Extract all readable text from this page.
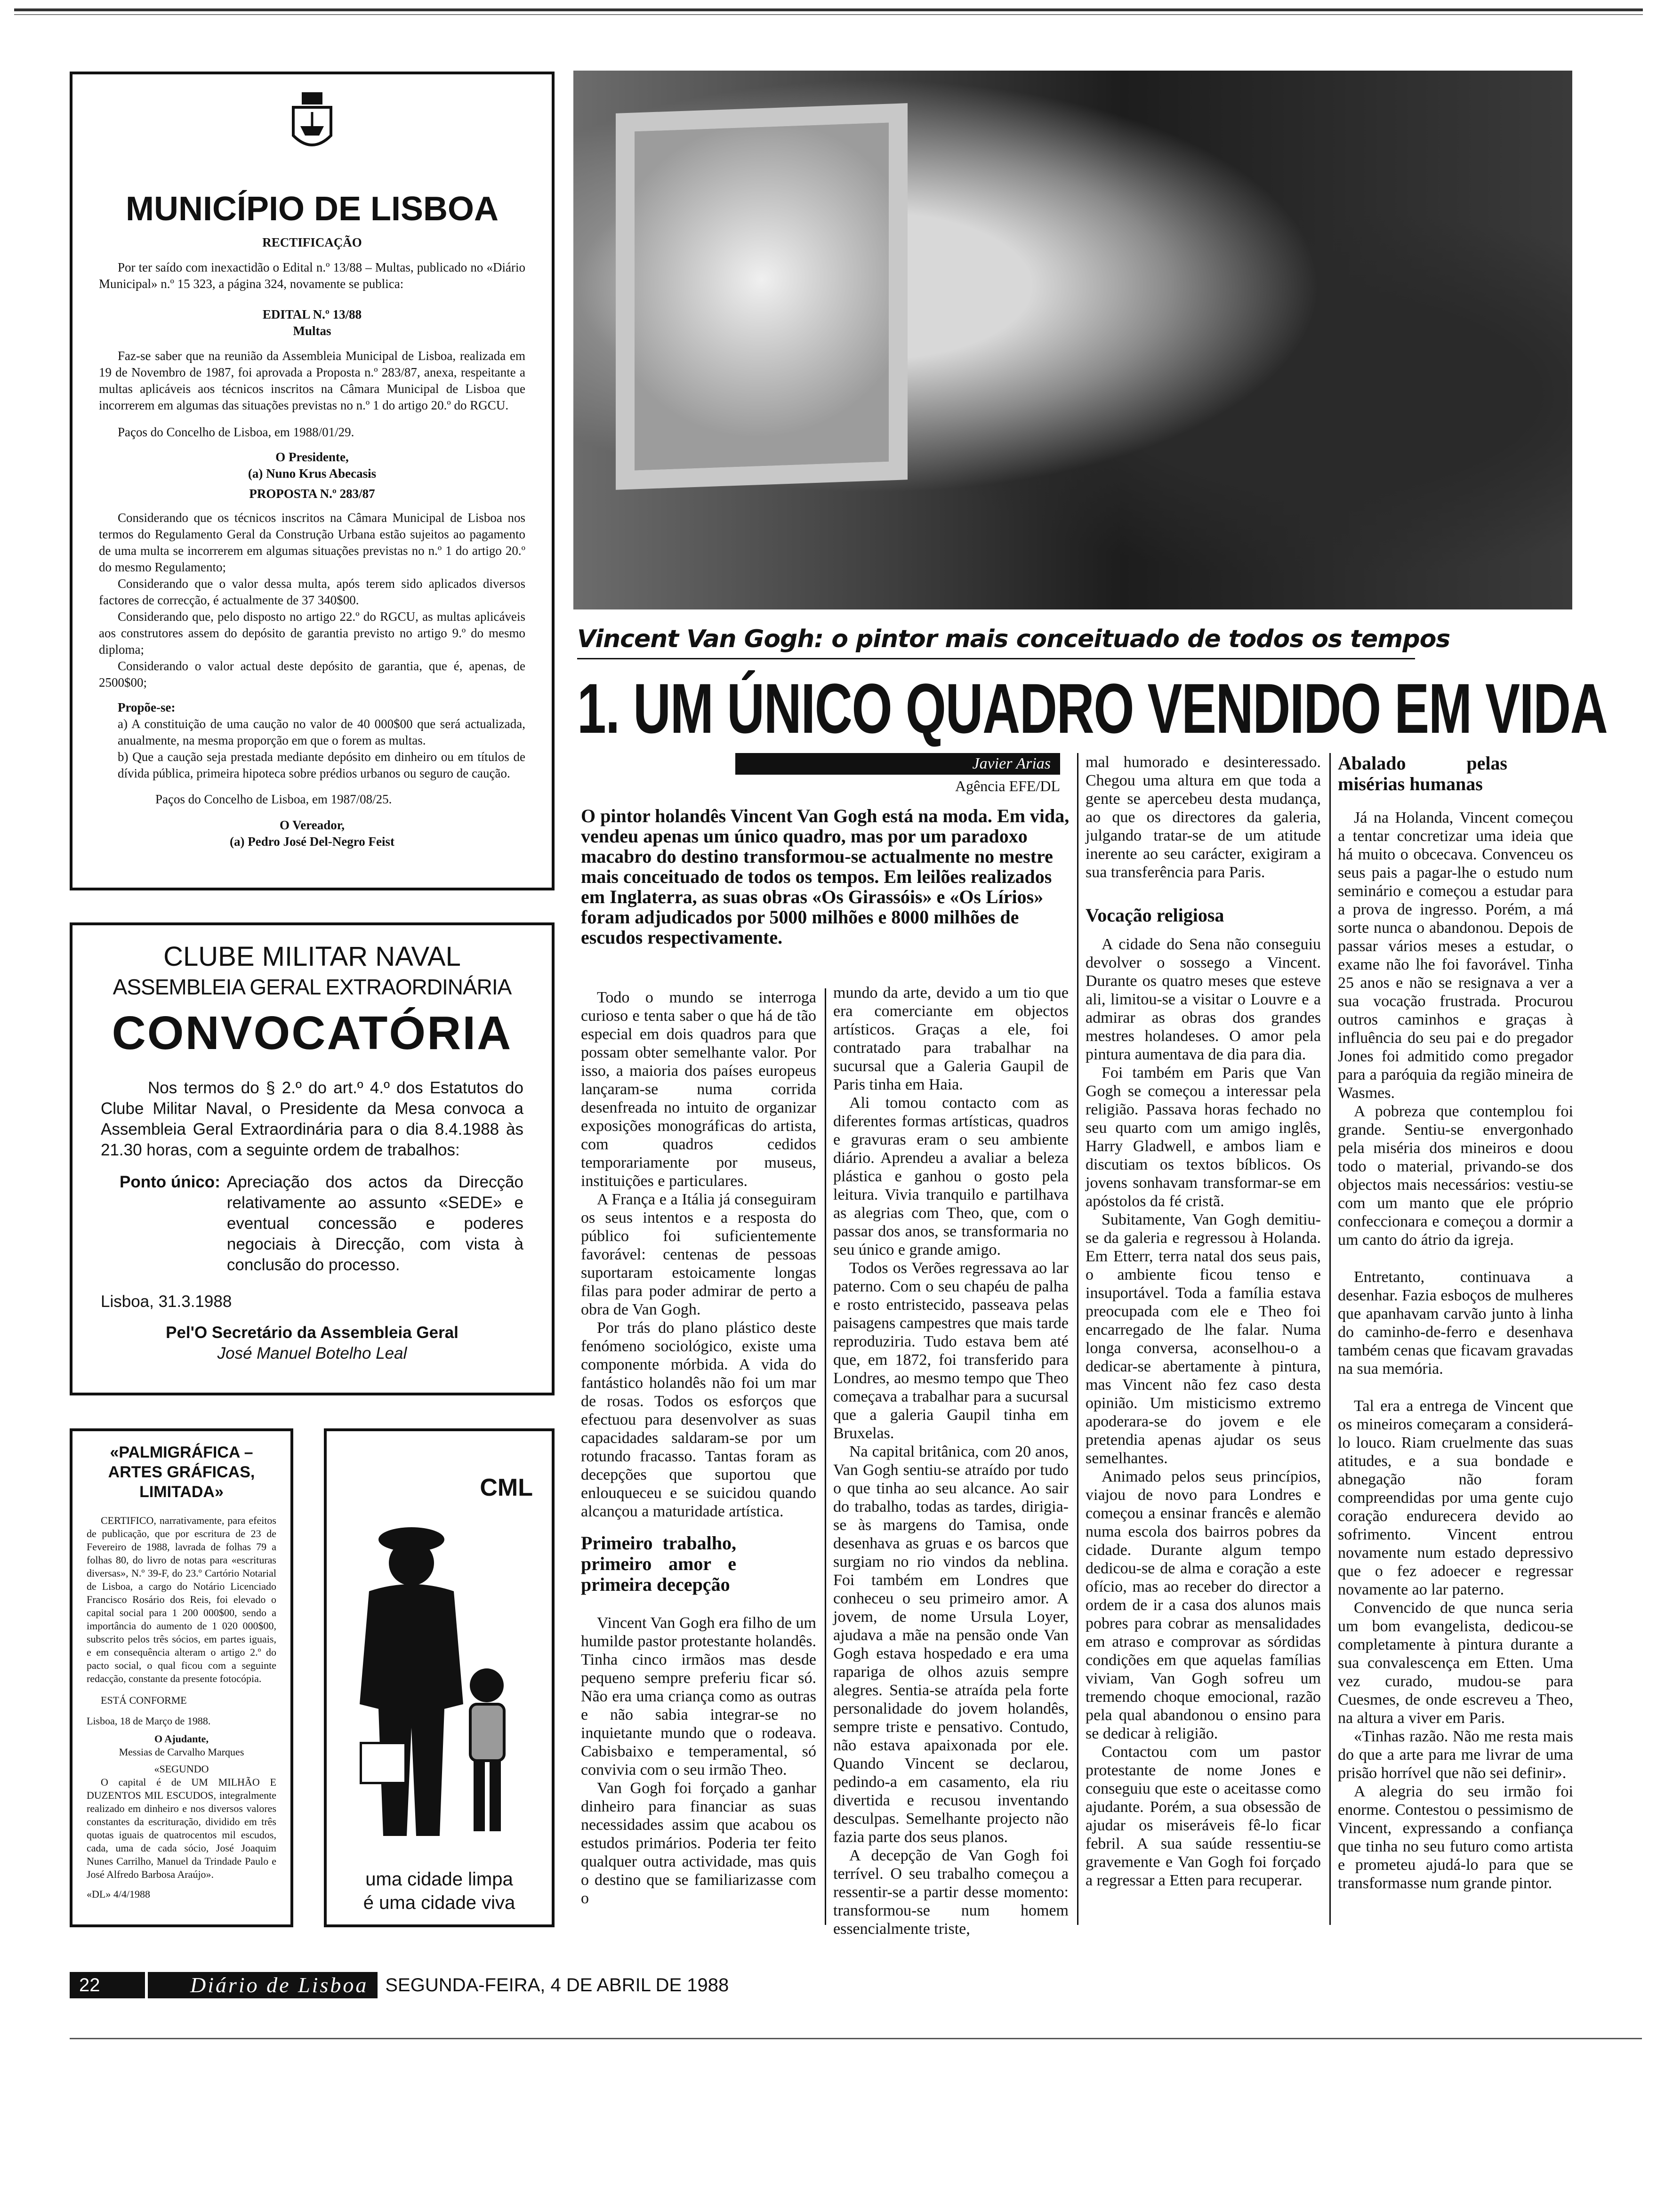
MUNICÍPIO DE LISBOA
RECTIFICAÇÃO

Por ter saído com inexactidão o Edital n.º 13/88 – Multas, publicado no «Diário Municipal» n.º 15 323, a página 324, novamente se publica:

EDITAL N.º 13/88
Multas

Faz-se saber que na reunião da Assembleia Municipal de Lisboa, realizada em 19 de Novembro de 1987, foi aprovada a Proposta n.º 283/87, anexa, respeitante a multas aplicáveis aos técnicos inscritos na Câmara Municipal de Lisboa que incorrerem em algumas das situações previstas no n.º 1 do artigo 20.º do RGCU.

Paços do Concelho de Lisboa, em 1988/01/29.

O Presidente,
(a) Nuno Krus Abecasis
PROPOSTA N.º 283/87

Considerando que os técnicos inscritos na Câmara Municipal de Lisboa nos termos do Regulamento Geral da Construção Urbana estão sujeitos ao pagamento de uma multa se incorrerem em algumas situações previstas no n.º 1 do artigo 20.º do mesmo Regulamento;

Considerando que o valor dessa multa, após terem sido aplicados diversos factores de correcção, é actualmente de 37 340$00.

Considerando que, pelo disposto no artigo 22.º do RGCU, as multas aplicáveis aos construtores assem do depósito de garantia previsto no artigo 9.º do mesmo diploma;

Considerando o valor actual deste depósito de garantia, que é, apenas, de 2500$00;

Propõe-se:

a) A constituição de uma caução no valor de 40 000$00 que será actualizada, anualmente, na mesma proporção em que o forem as multas.

b) Que a caução seja prestada mediante depósito em dinheiro ou em títulos de dívida pública, primeira hipoteca sobre prédios urbanos ou seguro de caução.

Paços do Concelho de Lisboa, em 1987/08/25.

O Vereador,
(a) Pedro José Del-Negro Feist
CLUBE MILITAR NAVAL
ASSEMBLEIA GERAL EXTRAORDINÁRIA
CONVOCATÓRIA

Nos termos do § 2.º do art.º 4.º dos Estatutos do Clube Militar Naval, o Presidente da Mesa convoca a Assembleia Geral Extraordinária para o dia 8.4.1988 às 21.30 horas, com a seguinte ordem de trabalhos:

Ponto único: Apreciação dos actos da Direcção relativamente ao assunto «SEDE» e eventual concessão e poderes negociais à Direcção, com vista à conclusão do processo.
Lisboa, 31.3.1988
Pel'O Secretário da Assembleia Geral
José Manuel Botelho Leal
«PALMIGRÁFICA – ARTES GRÁFICAS, LIMITADA»

CERTIFICO, narrativamente, para efeitos de publicação, que por escritura de 23 de Fevereiro de 1988, lavrada de folhas 79 a folhas 80, do livro de notas para «escrituras diversas», N.º 39-F, do 23.º Cartório Notarial de Lisboa, a cargo do Notário Licenciado Francisco Rosário dos Reis, foi elevado o capital social para 1 200 000$00, sendo a importância do aumento de 1 020 000$00, subscrito pelos três sócios, em partes iguais, e em consequência alteram o artigo 2.º do pacto social, o qual ficou com a seguinte redacção, constante da presente fotocópia.

ESTÁ CONFORME
Lisboa, 18 de Março de 1988.
O Ajudante,
Messias de Carvalho Marques
«SEGUNDO

O capital é de UM MILHÃO E DUZENTOS MIL ESCUDOS, integralmente realizado em dinheiro e nos diversos valores constantes da escrituração, dividido em três quotas iguais de quatrocentos mil escudos, cada, uma de cada sócio, José Joaquim Nunes Carrilho, Manuel da Trindade Paulo e José Alfredo Barbosa Araújo».

«DL» 4/4/1988
CML
uma cidade limpa
é uma cidade viva
Vincent Van Gogh: o pintor mais conceituado de todos os tempos
1. UM ÚNICO QUADRO VENDIDO EM VIDA
Javier Arias
Agência EFE/DL

O pintor holandês Vincent Van Gogh está na moda. Em vida, vendeu apenas um único quadro, mas por um paradoxo macabro do destino transformou-se actualmente no mestre mais conceituado de todos os tempos. Em leilões realizados em Inglaterra, as suas obras «Os Girassóis» e «Os Lírios» foram adjudicados por 5000 milhões e 8000 milhões de escudos respectivamente.

Todo o mundo se interroga curioso e tenta saber o que há de tão especial em dois quadros para que possam obter semelhante valor. Por isso, a maioria dos países europeus lançaram-se numa corrida desenfreada no intuito de organizar exposições monográficas do artista, com quadros cedidos temporariamente por museus, instituições e particulares.

A França e a Itália já conseguiram os seus intentos e a resposta do público foi suficientemente favorável: centenas de pessoas suportaram estoicamente longas filas para poder admirar de perto a obra de Van Gogh.

Por trás do plano plástico deste fenómeno sociológico, existe uma componente mórbida. A vida do fantástico holandês não foi um mar de rosas. Todos os esforços que efectuou para desenvolver as suas capacidades saldaram-se por um rotundo fracasso. Tantas foram as decepções que suportou que enlouqueceu e se suicidou quando alcançou a maturidade artística.

Primeiro trabalho, primeiro amor e primeira decepção

Vincent Van Gogh era filho de um humilde pastor protestante holandês. Tinha cinco irmãos mas desde pequeno sempre preferiu ficar só. Não era uma criança como as outras e não sabia integrar-se no inquietante mundo que o rodeava. Cabisbaixo e temperamental, só convivia com o seu irmão Theo.

Van Gogh foi forçado a ganhar dinheiro para financiar as suas necessidades assim que acabou os estudos primários. Poderia ter feito qualquer outra actividade, mas quis o destino que se familiarizasse com o

mundo da arte, devido a um tio que era comerciante em objectos artísticos. Graças a ele, foi contratado para trabalhar na sucursal que a Galeria Gaupil de Paris tinha em Haia.

Ali tomou contacto com as diferentes formas artísticas, quadros e gravuras eram o seu ambiente diário. Aprendeu a avaliar a beleza plástica e ganhou o gosto pela leitura. Vivia tranquilo e partilhava as alegrias com Theo, que, com o passar dos anos, se transformaria no seu único e grande amigo.

Todos os Verões regressava ao lar paterno. Com o seu chapéu de palha e rosto entristecido, passeava pelas paisagens campestres que mais tarde reproduziria. Tudo estava bem até que, em 1872, foi transferido para Londres, ao mesmo tempo que Theo começava a trabalhar para a sucursal que a galeria Gaupil tinha em Bruxelas.

Na capital britânica, com 20 anos, Van Gogh sentiu-se atraído por tudo o que tinha ao seu alcance. Ao sair do trabalho, todas as tardes, dirigia-se às margens do Tamisa, onde desenhava as gruas e os barcos que surgiam no rio vindos da neblina. Foi também em Londres que conheceu o seu primeiro amor. A jovem, de nome Ursula Loyer, ajudava a mãe na pensão onde Van Gogh estava hospedado e era uma rapariga de olhos azuis sempre alegres. Sentia-se atraída pela forte personalidade do jovem holandês, sempre triste e pensativo. Contudo, não estava apaixonada por ele. Quando Vincent se declarou, pedindo-a em casamento, ela riu divertida e recusou inventando desculpas. Semelhante projecto não fazia parte dos seus planos.

A decepção de Van Gogh foi terrível. O seu trabalho começou a ressentir-se a partir desse momento: transformou-se num homem essencialmente triste,

mal humorado e desinteressado. Chegou uma altura em que toda a gente se apercebeu desta mudança, ao que os directores da galeria, julgando tratar-se de um atitude inerente ao seu carácter, exigiram a sua transferência para Paris.

Vocação religiosa

A cidade do Sena não conseguiu devolver o sossego a Vincent. Durante os quatro meses que esteve ali, limitou-se a visitar o Louvre e a admirar as obras dos grandes mestres holandeses. O amor pela pintura aumentava de dia para dia.

Foi também em Paris que Van Gogh se começou a interessar pela religião. Passava horas fechado no seu quarto com um amigo inglês, Harry Gladwell, e ambos liam e discutiam os textos bíblicos. Os jovens sonhavam transformar-se em apóstolos da fé cristã.

Subitamente, Van Gogh demitiu-se da galeria e regressou à Holanda. Em Etterr, terra natal dos seus pais, o ambiente ficou tenso e insuportável. Toda a família estava preocupada com ele e Theo foi encarregado de lhe falar. Numa longa conversa, aconselhou-o a dedicar-se abertamente à pintura, mas Vincent não fez caso desta opinião. Um misticismo extremo apoderara-se do jovem e ele pretendia apenas ajudar os seus semelhantes.

Animado pelos seus princípios, viajou de novo para Londres e começou a ensinar francês e alemão numa escola dos bairros pobres da cidade. Durante algum tempo dedicou-se de alma e coração a este ofício, mas ao receber do director a ordem de ir a casa dos alunos mais pobres para cobrar as mensalidades em atraso e comprovar as sórdidas condições em que aquelas famílias viviam, Van Gogh sofreu um tremendo choque emocional, razão pela qual abandonou o ensino para se dedicar à religião.

Contactou com um pastor protestante de nome Jones e conseguiu que este o aceitasse como ajudante. Porém, a sua obsessão de ajudar os miseráveis fê-lo ficar febril. A sua saúde ressentiu-se gravemente e Van Gogh foi forçado a regressar a Etten para recuperar.

Abalado pelas misérias humanas

Já na Holanda, Vincent começou a tentar concretizar uma ideia que há muito o obcecava. Convenceu os seus pais a pagar-lhe o estudo num seminário e começou a estudar para a prova de ingresso. Porém, a má sorte nunca o abandonou. Depois de passar vários meses a estudar, o exame não lhe foi favorável. Tinha 25 anos e não se resignava a ver a sua vocação frustrada. Procurou outros caminhos e graças à influência do seu pai e do pregador Jones foi admitido como pregador para a paróquia da região mineira de Wasmes.

A pobreza que contemplou foi grande. Sentiu-se envergonhado pela miséria dos mineiros e doou todo o material, privando-se dos objectos mais necessários: vestiu-se com um manto que ele próprio confeccionara e começou a dormir a um canto do átrio da igreja.

Entretanto, continuava a desenhar. Fazia esboços de mulheres que apanhavam carvão junto à linha do caminho-de-ferro e desenhava também cenas que ficavam gravadas na sua memória.

Tal era a entrega de Vincent que os mineiros começaram a considerá-lo louco. Riam cruelmente das suas atitudes, e a sua bondade e abnegação não foram compreendidas por uma gente cujo coração endurecera devido ao sofrimento. Vincent entrou novamente num estado depressivo que o fez adoecer e regressar novamente ao lar paterno.

Convencido de que nunca seria um bom evangelista, dedicou-se completamente à pintura durante a sua convalescença em Etten. Uma vez curado, mudou-se para Cuesmes, de onde escreveu a Theo, na altura a viver em Paris.

«Tinhas razão. Não me resta mais do que a arte para me livrar de uma prisão horrível que não sei definir».

A alegria do seu irmão foi enorme. Contestou o pessimismo de Vincent, expressando a confiança que tinha no seu futuro como artista e prometeu ajudá-lo para que se transformasse num grande pintor.

22	Diário de Lisboa SEGUNDA-FEIRA, 4 DE ABRIL DE 1988
